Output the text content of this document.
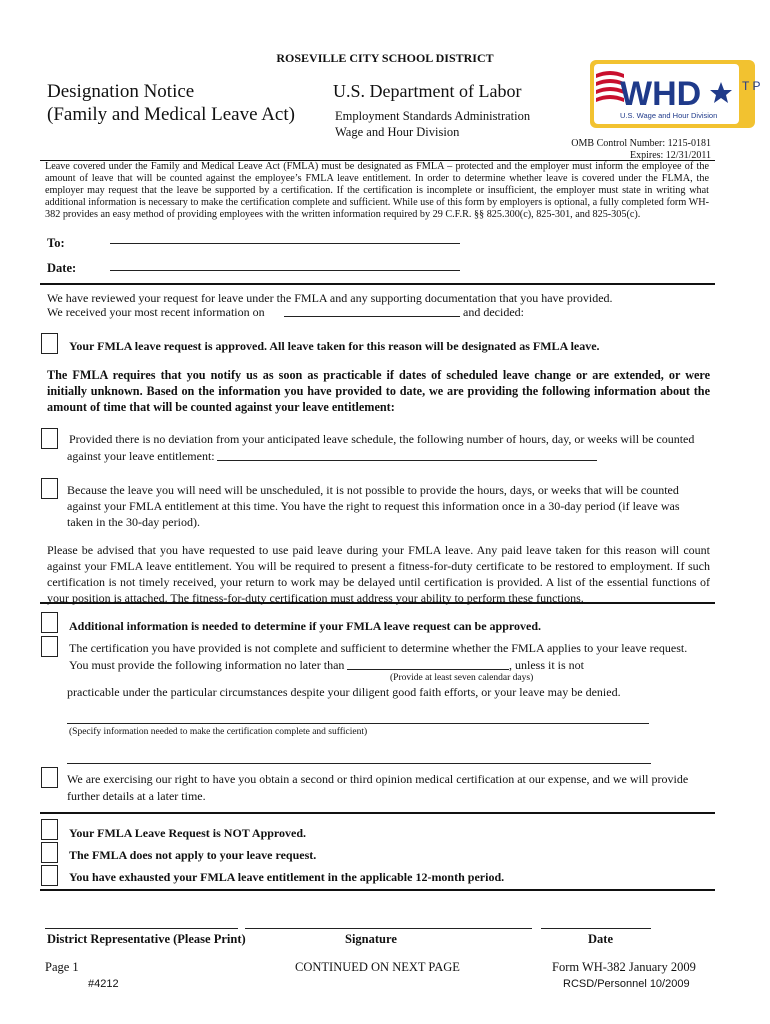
ROSEVILLE CITY SCHOOL DISTRICT
Designation Notice
(Family and Medical Leave Act)
U.S. Department of Labor
Employment Standards Administration
Wage and Hour Division
WHD
U.S. Wage and Hour Division
T P
OMB Control Number: 1215-0181
Expires: 12/31/2011
Leave covered under the Family and Medical Leave Act (FMLA) must be designated as FMLA – protected and the employer must inform the employee of the amount of leave that will be counted against the employee’s FMLA leave entitlement. In order to determine whether leave is covered under the FLMA, the employer may request that the leave be supported by a certification. If the certification is incomplete or insufficient, the employer must state in writing what additional information is necessary to make the certification complete and sufficient. While use of this form by employers is optional, a fully completed form WH-382 provides an easy method of providing employees with the written information required by 29 C.F.R. §§ 825.300(c), 825-301, and 825-305(c).
To:
Date:
We have reviewed your request for leave under the FMLA and any supporting documentation that you have provided.
We received your most recent information on	and decided:
Your FMLA leave request is approved. All leave taken for this reason will be designated as FMLA leave.
The FMLA requires that you notify us as soon as practicable if dates of scheduled leave change or are extended, or were initially unknown. Based on the information you have provided to date, we are providing the following information about the amount of time that will be counted against your leave entitlement:
Provided there is no deviation from your anticipated leave schedule, the following number of hours, day, or weeks will be counted
against your leave entitlement:
Because the leave you will need will be unscheduled, it is not possible to provide the hours, days, or weeks that will be counted
against your FMLA entitlement at this time. You have the right to request this information once in a 30-day period (if leave was
taken in the 30-day period).
Please be advised that you have requested to use paid leave during your FMLA leave. Any paid leave taken for this reason will count against your FMLA leave entitlement. You will be required to present a fitness-for-duty certificate to be restored to employment. If such certification is not timely received, your return to work may be delayed until certification is provided. A list of the essential functions of your position is attached. The fitness-for-duty certification must address your ability to perform these functions.
Additional information is needed to determine if your FMLA leave request can be approved.
The certification you have provided is not complete and sufficient to determine whether the FMLA applies to your leave request.
You must provide the following information no later than	, unless it is not
(Provide at least seven calendar days)
practicable under the particular circumstances despite your diligent good faith efforts, or your leave may be denied.
(Specify information needed to make the certification complete and sufficient)
We are exercising our right to have you obtain a second or third opinion medical certification at our expense, and we will provide
further details at a later time.
Your FMLA Leave Request is NOT Approved.
The FMLA does not apply to your leave request.
You have exhausted your FMLA leave entitlement in the applicable 12-month period.
District Representative (Please Print)	Signature	Date
Page 1	CONTINUED ON NEXT PAGE	Form WH-382 January 2009
#4212	RCSD/Personnel 10/2009
